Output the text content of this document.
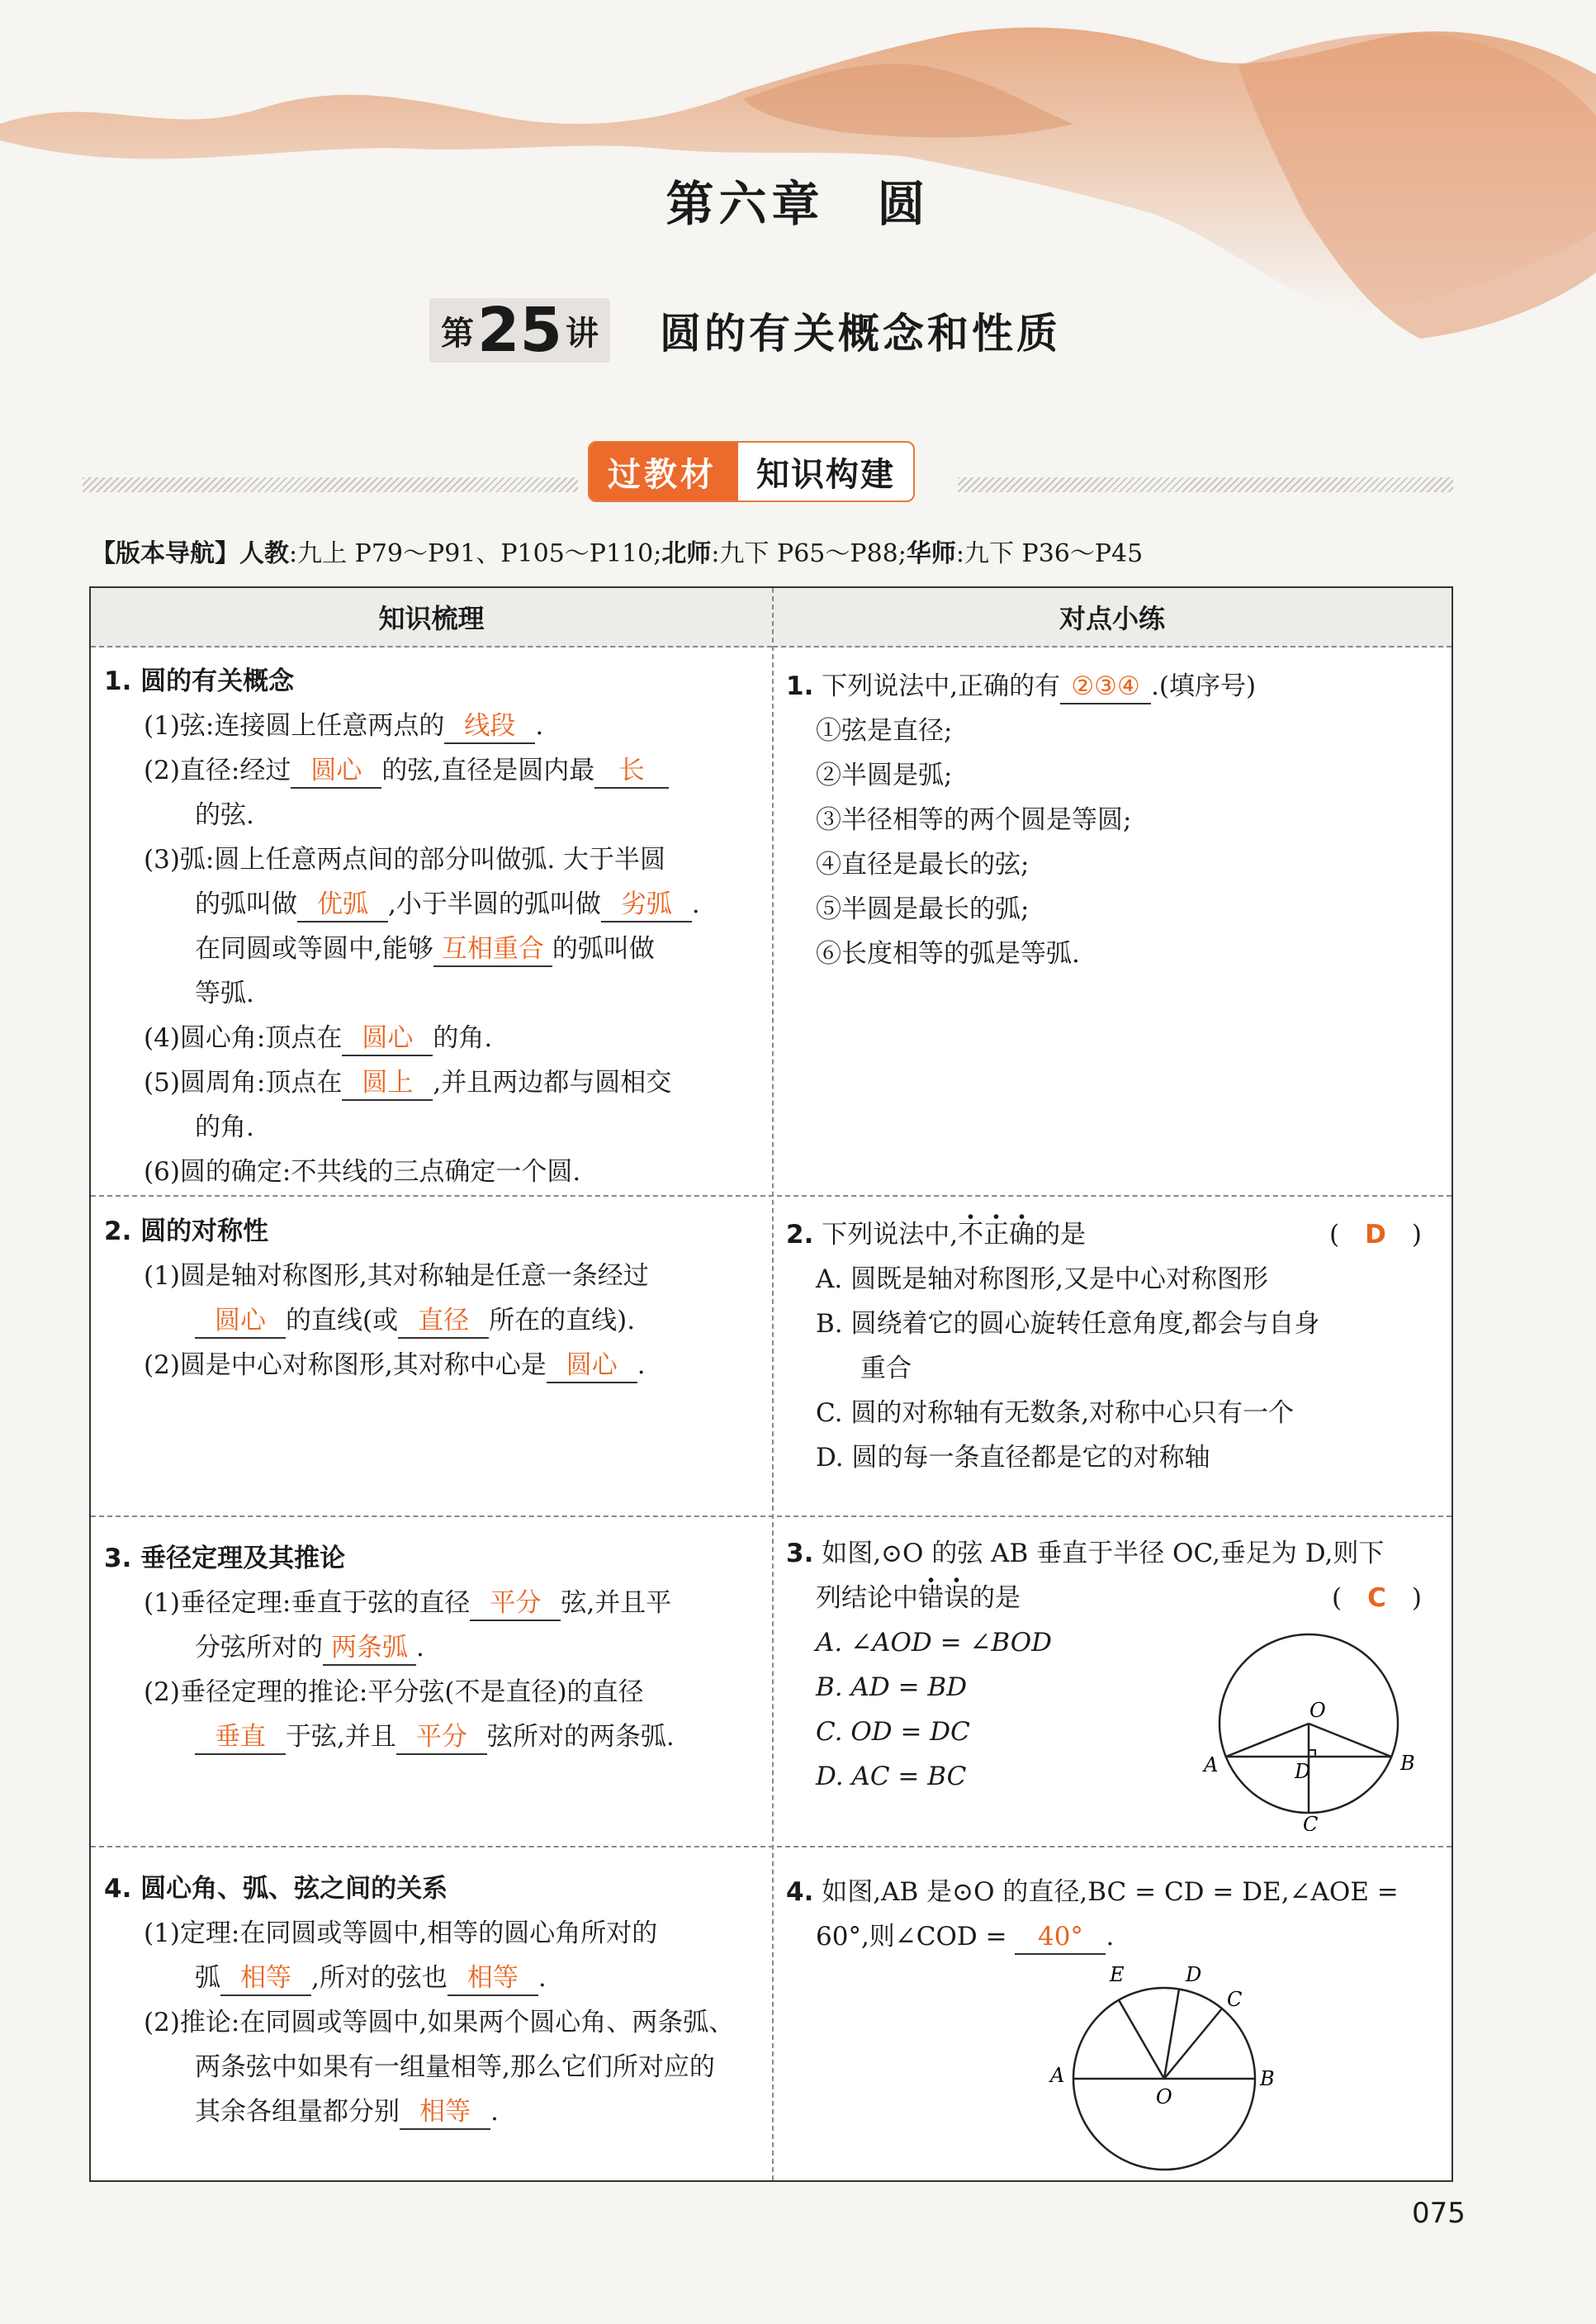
第六章　圆
第 25 讲 圆的有关概念和性质
过教材	知识构建
【版本导航】人教:九上 P79～P91、P105～P110;北师:九下 P65～P88;华师:九下 P36～P45
知识梳理	对点小练

1. 圆的有关概念

(1)弦:连接圆上任意两点的 线段 .

(2)直径:经过 圆心 的弦,直径是圆内最 长

的弦.

(3)弧:圆上任意两点间的部分叫做弧. 大于半圆

的弧叫做 优弧 ,小于半圆的弧叫做 劣弧 .

在同圆或等圆中,能够 互相重合 的弧叫做

等弧.

(4)圆心角:顶点在 圆心 的角.

(5)圆周角:顶点在 圆上 ,并且两边都与圆相交

的角.

(6)圆的确定:不共线的三点确定一个圆.

1. 下列说法中,正确的有 ②③④ .(填序号)

①弦是直径;

②半圆是弧;

③半径相等的两个圆是等圆;

④直径是最长的弦;

⑤半圆是最长的弧;

⑥长度相等的弧是等弧.

2. 圆的对称性

(1)圆是轴对称图形,其对称轴是任意一条经过

圆心 的直线(或 直径 所在的直线).

(2)圆是中心对称图形,其对称中心是 圆心 .

2. 下列说法中,不正确的是	(　D　)

A. 圆既是轴对称图形,又是中心对称图形

B. 圆绕着它的圆心旋转任意角度,都会与自身

重合

C. 圆的对称轴有无数条,对称中心只有一个

D. 圆的每一条直径都是它的对称轴

3. 垂径定理及其推论

(1)垂径定理:垂直于弦的直径 平分 弦,并且平

分弦所对的 两条弧 .

(2)垂径定理的推论:平分弦(不是直径)的直径

垂直 于弦,并且 平分 弦所对的两条弧.

3. 如图,⊙O 的弦 AB 垂直于半径 OC,垂足为 D,则下

列结论中错误的是	(　C　)

A. ∠AOD = ∠BOD

B. AD = BD

C. OD = DC

D. AC = BC

O
A	B
D
C

4. 圆心角、弧、弦之间的关系

(1)定理:在同圆或等圆中,相等的圆心角所对的

弧 相等 ,所对的弦也 相等 .

(2)推论:在同圆或等圆中,如果两个圆心角、两条弧、

两条弦中如果有一组量相等,那么它们所对应的

其余各组量都分别 相等 .

4. 如图,AB 是⊙O 的直径,BC = CD = DE,∠AOE =

60°,则∠COD = 40° .

A	B
C
D
E
O
075
